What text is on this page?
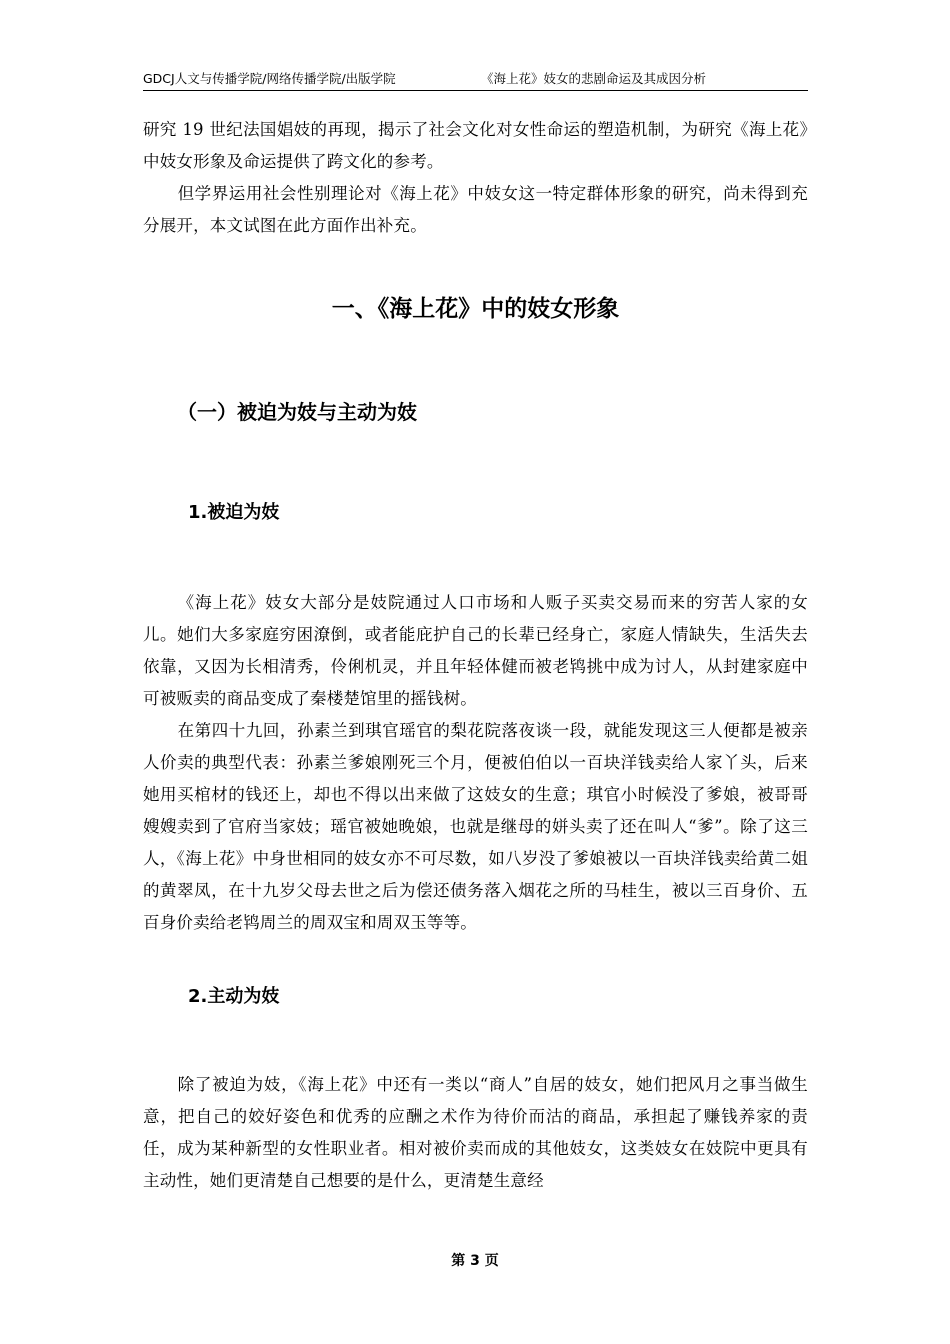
GDCJ人文与传播学院/网络传播学院/出版学院	《海上花》妓女的悲剧命运及其成因分析

研究 19 世纪法国娼妓的再现，揭示了社会文化对女性命运的塑造机制，为研究《海上花》中妓女形象及命运提供了跨文化的参考。

但学界运用社会性别理论对《海上花》中妓女这一特定群体形象的研究，尚未得到充分展开，本文试图在此方面作出补充。

一、《海上花》中的妓女形象
（一）被迫为妓与主动为妓
1.被迫为妓

《海上花》妓女大部分是妓院通过人口市场和人贩子买卖交易而来的穷苦人家的女儿。她们大多家庭穷困潦倒，或者能庇护自己的长辈已经身亡，家庭人情缺失，生活失去依靠，又因为长相清秀，伶俐机灵，并且年轻体健而被老鸨挑中成为讨人，从封建家庭中可被贩卖的商品变成了秦楼楚馆里的摇钱树。

在第四十九回，孙素兰到琪官瑶官的梨花院落夜谈一段，就能发现这三人便都是被亲人价卖的典型代表：孙素兰爹娘刚死三个月，便被伯伯以一百块洋钱卖给人家丫头，后来她用买棺材的钱还上，却也不得以出来做了这妓女的生意；琪官小时候没了爹娘，被哥哥嫂嫂卖到了官府当家妓；瑶官被她晚娘，也就是继母的姘头卖了还在叫人“爹”。除了这三人，《海上花》中身世相同的妓女亦不可尽数，如八岁没了爹娘被以一百块洋钱卖给黄二姐的黄翠凤，在十九岁父母去世之后为偿还债务落入烟花之所的马桂生，被以三百身价、五百身价卖给老鸨周兰的周双宝和周双玉等等。

2.主动为妓

除了被迫为妓，《海上花》中还有一类以“商人”自居的妓女，她们把风月之事当做生意，把自己的姣好姿色和优秀的应酬之术作为待价而沽的商品，承担起了赚钱养家的责任，成为某种新型的女性职业者。相对被价卖而成的其他妓女，这类妓女在妓院中更具有主动性，她们更清楚自己想要的是什么，更清楚生意经

第 3 页
